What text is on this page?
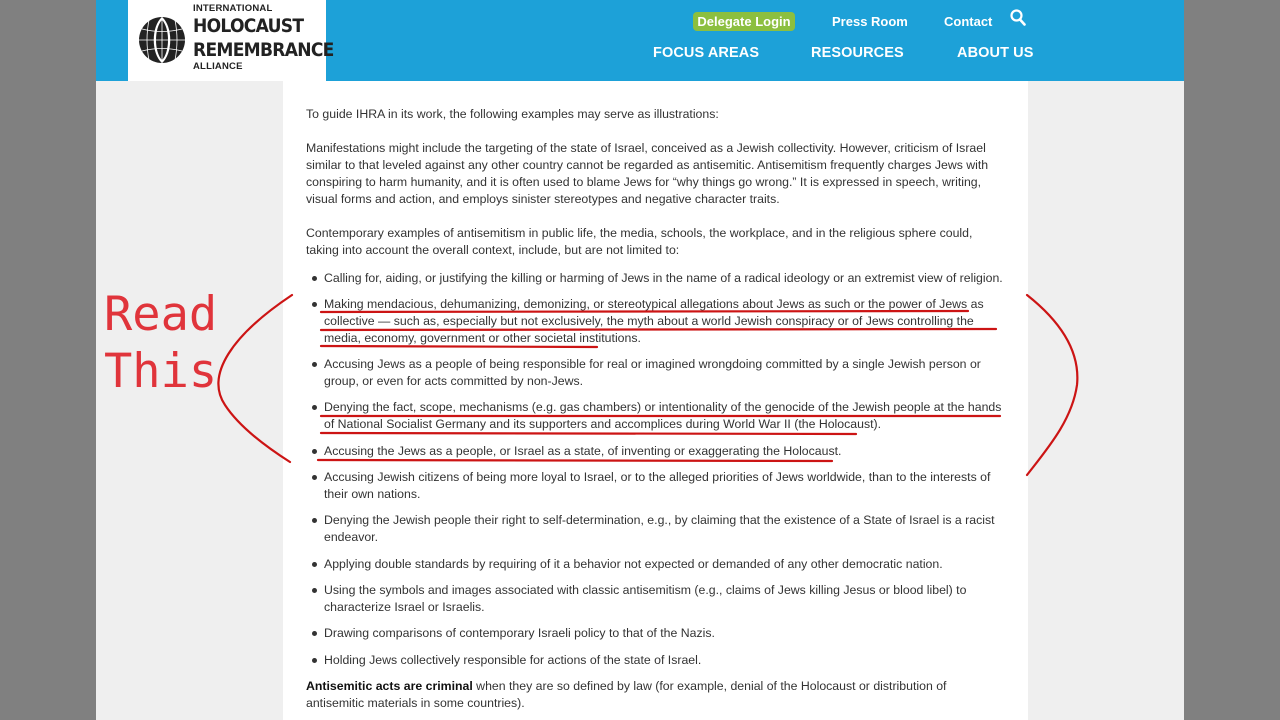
INTERNATIONAL
HOLOCAUST
REMEMBRANCE
ALLIANCE
Delegate Login	Press Room	Contact
FOCUS AREAS	RESOURCES	ABOUT US
To guide IHRA in its work, the following examples may serve as illustrations:
Manifestations might include the targeting of the state of Israel, conceived as a Jewish collectivity. However, criticism of Israel similar to that leveled against any other country cannot be regarded as antisemitic. Antisemitism frequently charges Jews with conspiring to harm humanity, and it is often used to blame Jews for “why things go wrong.” It is expressed in speech, writing, visual forms and action, and employs sinister stereotypes and negative character traits.
Contemporary examples of antisemitism in public life, the media, schools, the workplace, and in the religious sphere could, taking into account the overall context, include, but are not limited to:
Calling for, aiding, or justifying the killing or harming of Jews in the name of a radical ideology or an extremist view of religion.
Making mendacious, dehumanizing, demonizing, or stereotypical allegations about Jews as such or the power of Jews as collective — such as, especially but not exclusively, the myth about a world Jewish conspiracy or of Jews controlling the media, economy, government or other societal institutions.
Accusing Jews as a people of being responsible for real or imagined wrongdoing committed by a single Jewish person or group, or even for acts committed by non-Jews.
Denying the fact, scope, mechanisms (e.g. gas chambers) or intentionality of the genocide of the Jewish people at the hands of National Socialist Germany and its supporters and accomplices during World War II (the Holocaust).
Accusing the Jews as a people, or Israel as a state, of inventing or exaggerating the Holocaust.
Accusing Jewish citizens of being more loyal to Israel, or to the alleged priorities of Jews worldwide, than to the interests of their own nations.
Denying the Jewish people their right to self-determination, e.g., by claiming that the existence of a State of Israel is a racist endeavor.
Applying double standards by requiring of it a behavior not expected or demanded of any other democratic nation.
Using the symbols and images associated with classic antisemitism (e.g., claims of Jews killing Jesus or blood libel) to characterize Israel or Israelis.
Drawing comparisons of contemporary Israeli policy to that of the Nazis.
Holding Jews collectively responsible for actions of the state of Israel.
Antisemitic acts are criminal when they are so defined by law (for example, denial of the Holocaust or distribution of antisemitic materials in some countries).
Read
This
